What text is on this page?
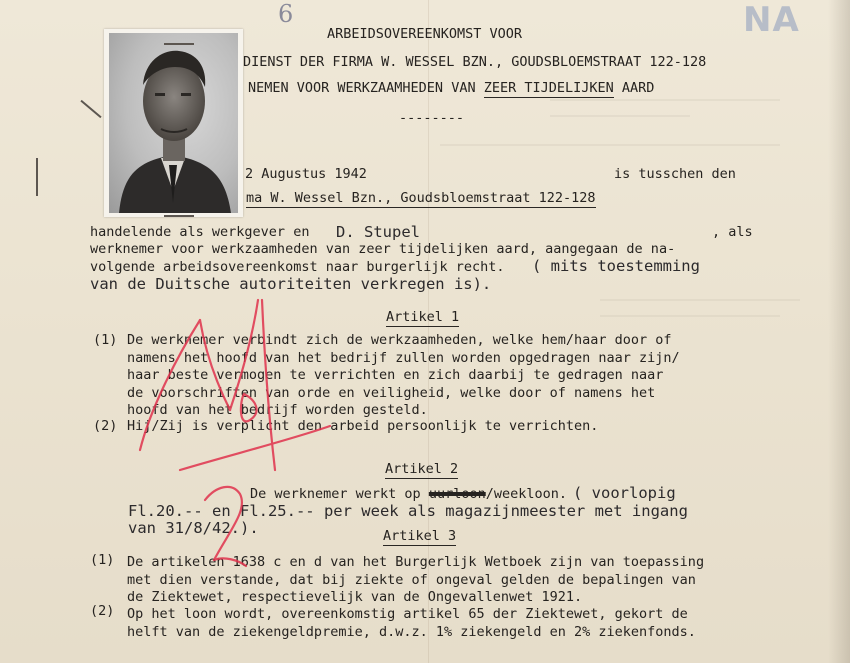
6	NA
ARBEIDSOVEREENKOMST VOOR
DIENST DER FIRMA W. WESSEL BZN., GOUDSBLOEMSTRAAT 122-128
NEMEN VOOR WERKZAAMHEDEN VAN ZEER TIJDELIJKEN AARD
--------
2 Augustus 1942	is tusschen den
ma W. Wessel Bzn., Goudsbloemstraat 122-128
handelende als werkgever en D. Stupel	, als
werknemer voor werkzaamheden van zeer tijdelijken aard, aangegaan de na-
volgende arbeidsovereenkomst naar burgerlijk recht. ( mits toestemming
van de Duitsche autoriteiten verkregen is).
Artikel 1
(1) De werknemer verbindt zich de werkzaamheden, welke hem/haar door of
namens het hoofd van het bedrijf zullen worden opgedragen naar zijn/
haar beste vermogen te verrichten en zich daarbij te gedragen naar
de voorschriften van orde en veiligheid, welke door of namens het
hoofd van het bedrijf worden gesteld.
(2) Hij/Zij is verplicht den arbeid persoonlijk te verrichten.
Artikel 2
De werknemer werkt op uurloon/weekloon. ( voorlopig
Fl.20.-- en Fl.25.-- per week als magazijnmeester met ingang
van 31/8/42.).	Artikel 3
(1) De artikelen 1638 c en d van het Burgerlijk Wetboek zijn van toepassing
met dien verstande, dat bij ziekte of ongeval gelden de bepalingen van
de Ziektewet, respectievelijk van de Ongevallenwet 1921.
(2) Op het loon wordt, overeenkomstig artikel 65 der Ziektewet, gekort de
helft van de ziekengeldpremie, d.w.z. 1% ziekengeld en 2% ziekenfonds.
